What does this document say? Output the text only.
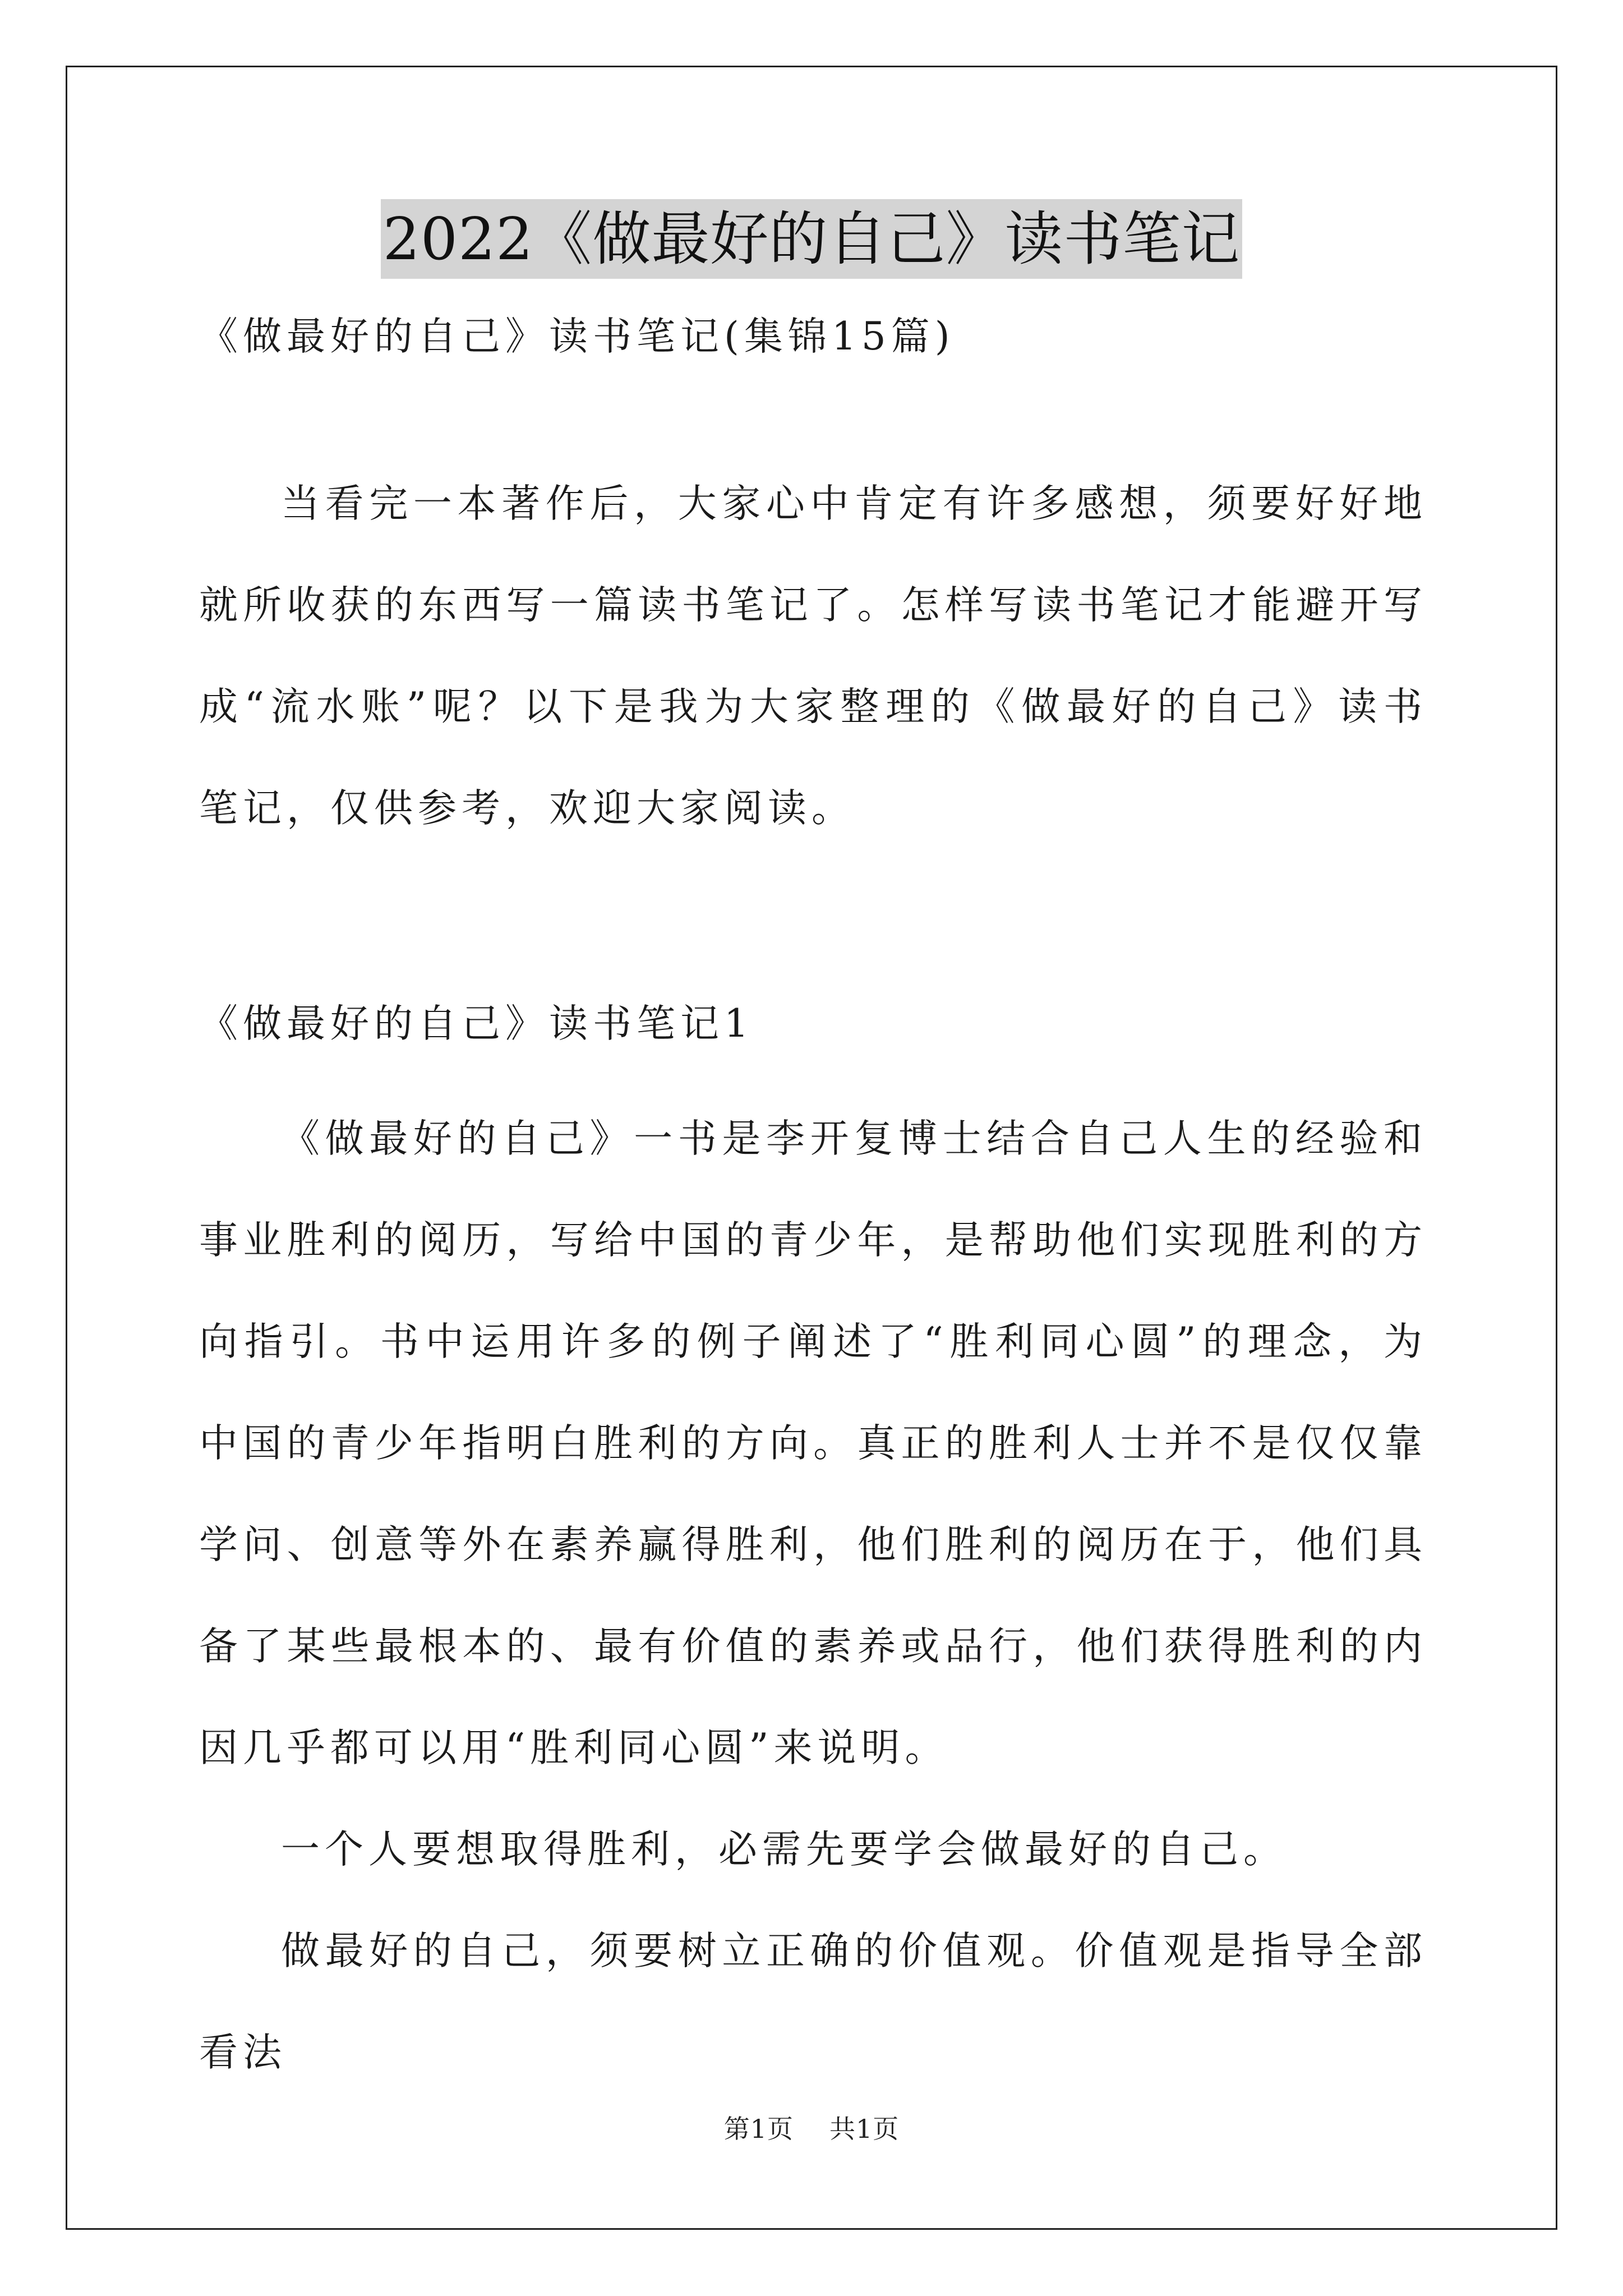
2022《做最好的自己》读书笔记
《做最好的自己》读书笔记(集锦15篇)

当看完一本著作后，大家心中肯定有许多感想，须要好好地就所收获的东西写一篇读书笔记了。怎样写读书笔记才能避开写成“流水账”呢？以下是我为大家整理的《做最好的自己》读书笔记，仅供参考，欢迎大家阅读。

《做最好的自己》读书笔记1

《做最好的自己》一书是李开复博士结合自己人生的经验和事业胜利的阅历，写给中国的青少年，是帮助他们实现胜利的方向指引。书中运用许多的例子阐述了“胜利同心圆”的理念，为中国的青少年指明白胜利的方向。真正的胜利人士并不是仅仅靠学问、创意等外在素养赢得胜利，他们胜利的阅历在于，他们具备了某些最根本的、最有价值的素养或品行，他们获得胜利的内因几乎都可以用“胜利同心圆”来说明。

一个人要想取得胜利，必需先要学会做最好的自己。

做最好的自己，须要树立正确的价值观。价值观是指导全部看法

第1页 共1页
